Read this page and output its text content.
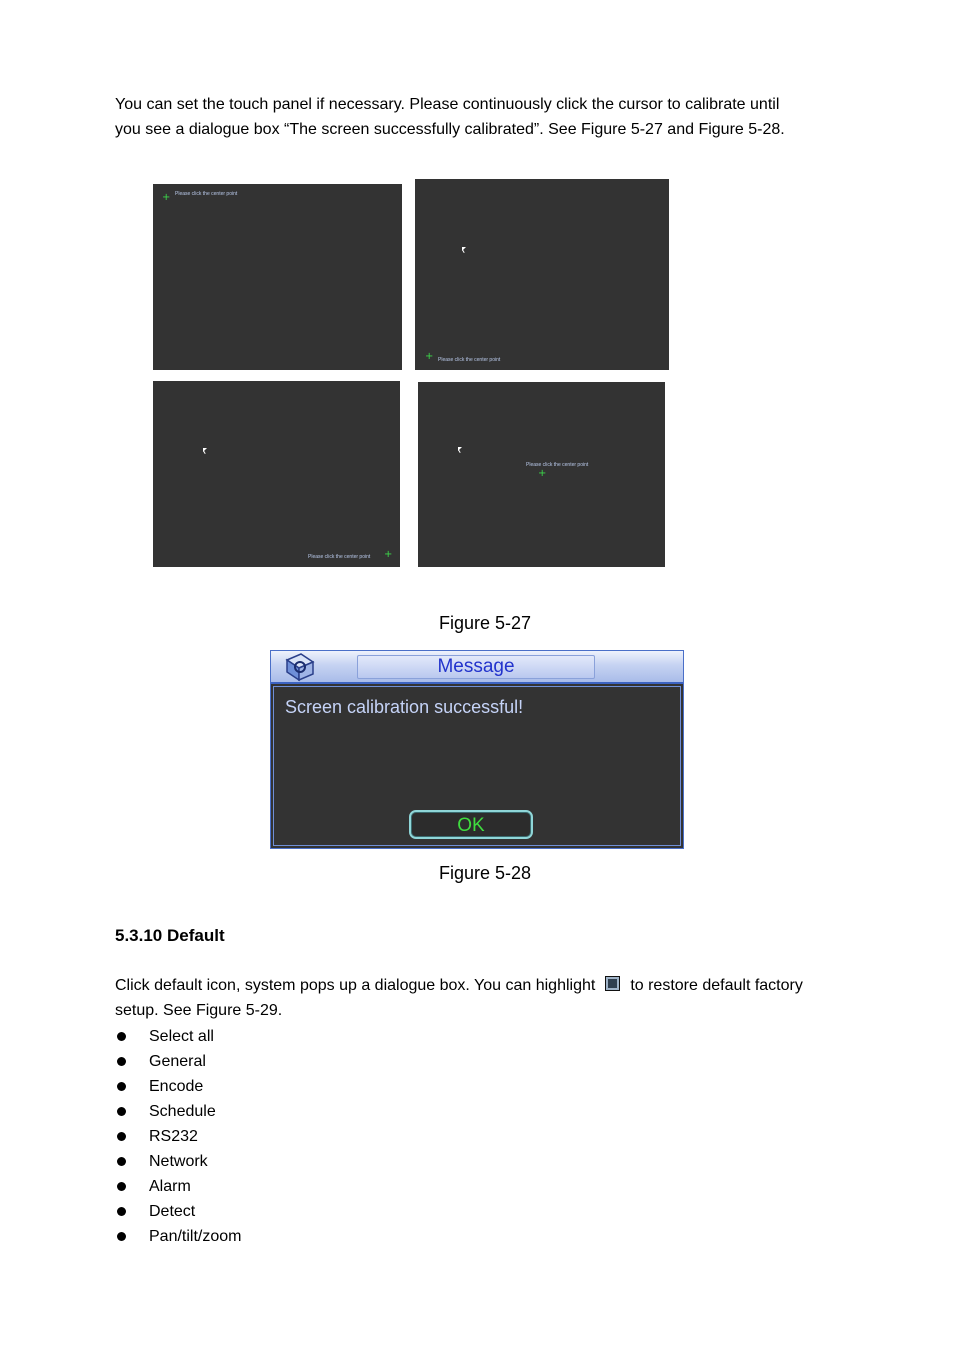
You can set the touch panel if necessary. Please continuously click the cursor to calibrate until
you see a dialogue box “The screen successfully calibrated”. See Figure 5-27 and Figure 5-28.

+ Please click the center point
+ Please click the center point
Please click the center point +
Please click the center point
+

Figure 5-27

Message
Screen calibration successful!
OK

Figure 5-28

5.3.10 Default

Click default icon, system pops up a dialogue box. You can highlight to restore default factory
setup. See Figure 5-29.

Select all
General
Encode
Schedule
RS232
Network
Alarm
Detect
Pan/tilt/zoom
